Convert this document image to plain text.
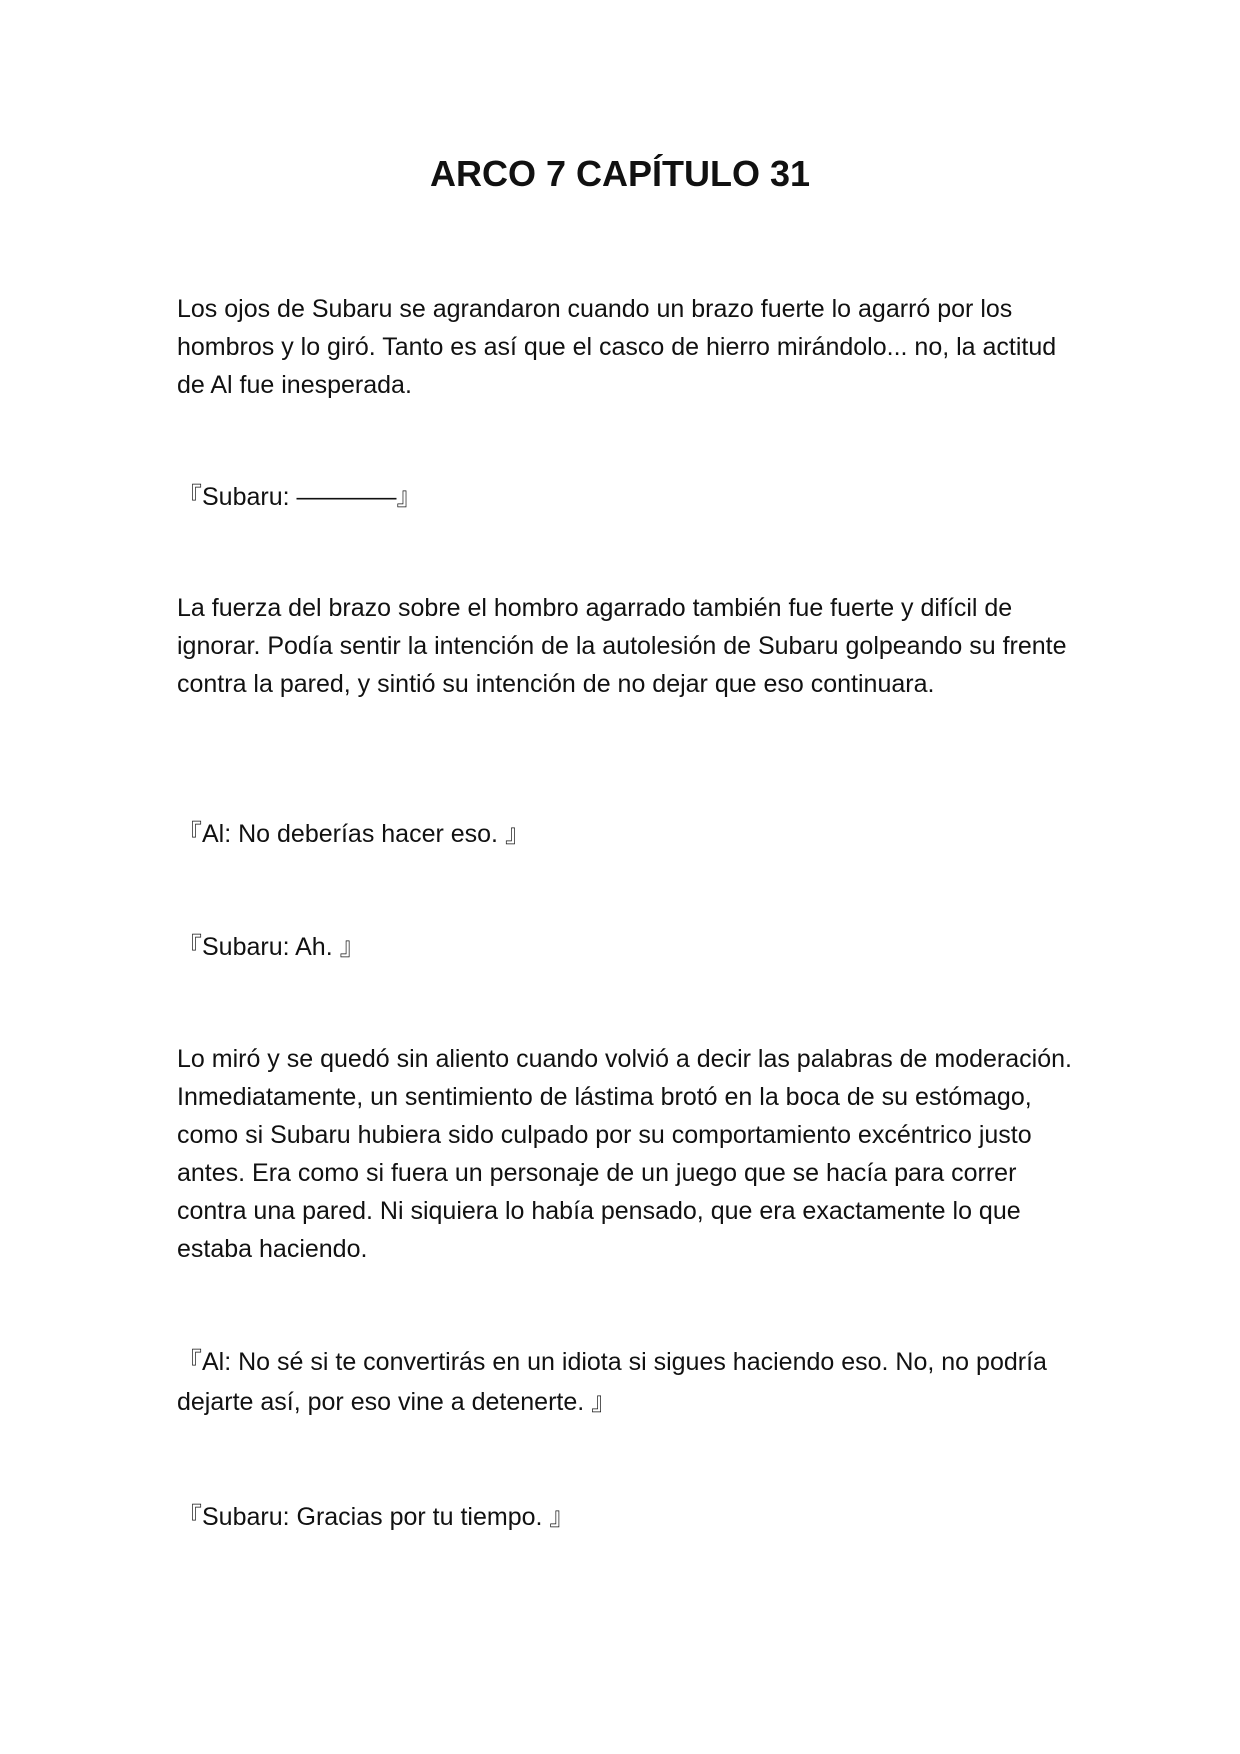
ARCO 7 CAPÍTULO 31

Los ojos de Subaru se agrandaron cuando un brazo fuerte lo agarró por los hombros y lo giró. Tanto es así que el casco de hierro mirándolo... no, la actitud de Al fue inesperada.

『Subaru: ————』

La fuerza del brazo sobre el hombro agarrado también fue fuerte y difícil de ignorar. Podía sentir la intención de la autolesión de Subaru golpeando su frente contra la pared, y sintió su intención de no dejar que eso continuara.

『Al: No deberías hacer eso. 』

『Subaru: Ah. 』

Lo miró y se quedó sin aliento cuando volvió a decir las palabras de moderación. Inmediatamente, un sentimiento de lástima brotó en la boca de su estómago, como si Subaru hubiera sido culpado por su comportamiento excéntrico justo antes. Era como si fuera un personaje de un juego que se hacía para correr contra una pared. Ni siquiera lo había pensado, que era exactamente lo que estaba haciendo.

『Al: No sé si te convertirás en un idiota si sigues haciendo eso. No, no podría dejarte así, por eso vine a detenerte. 』

『Subaru: Gracias por tu tiempo. 』
